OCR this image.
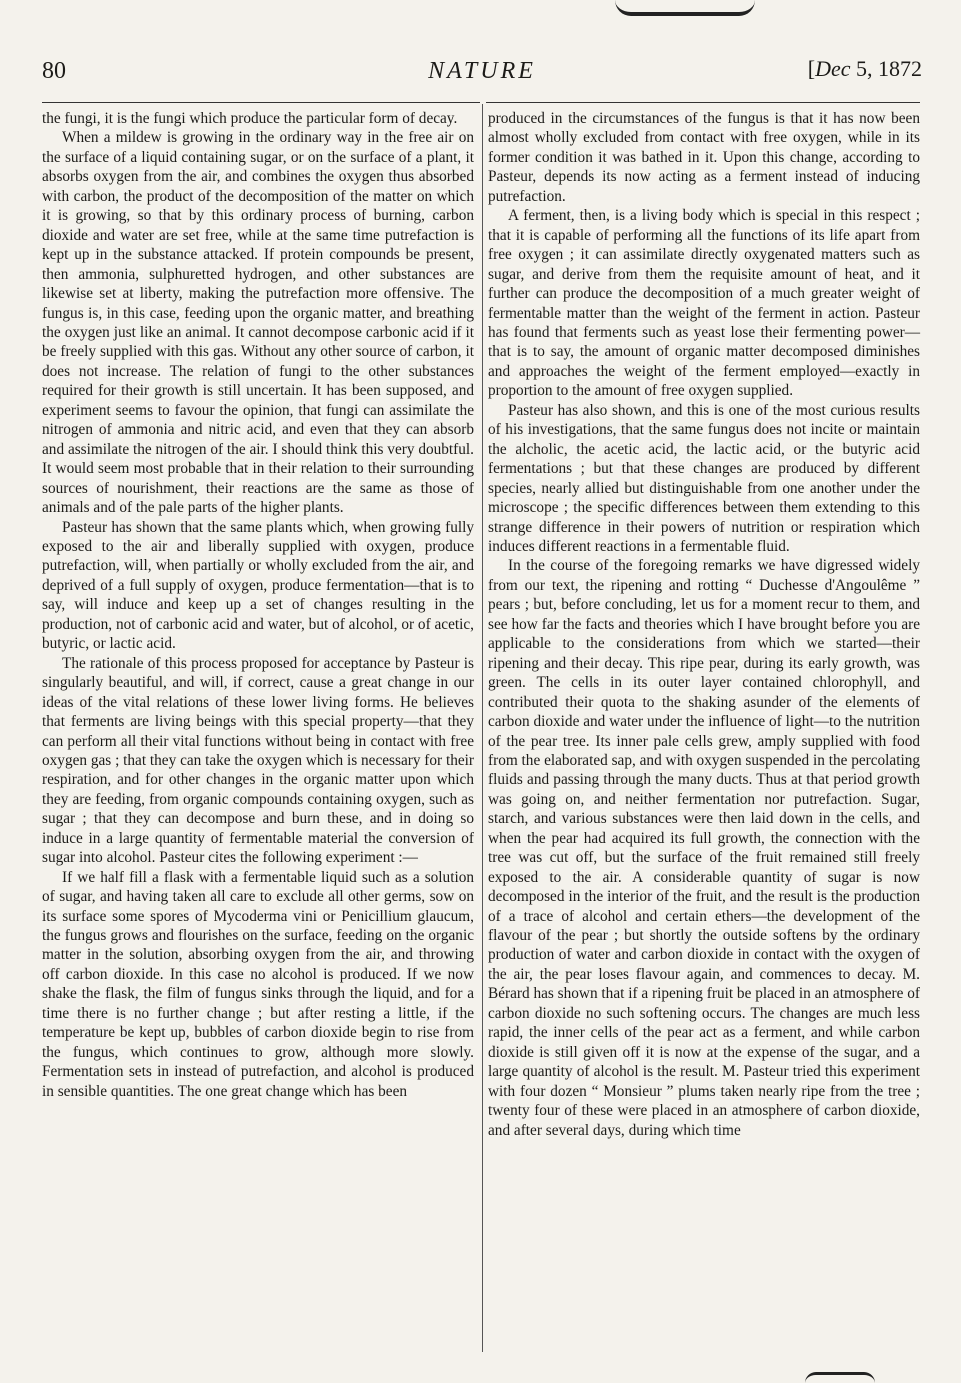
80	NATURE	[Dec 5, 1872

the fungi, it is the fungi which produce the particular form of decay.

When a mildew is growing in the ordinary way in the free air on the surface of a liquid containing sugar, or on the surface of a plant, it absorbs oxygen from the air, and combines the oxygen thus absorbed with carbon, the product of the decomposition of the matter on which it is growing, so that by this ordinary process of burning, carbon dioxide and water are set free, while at the same time putrefaction is kept up in the substance attacked. If protein compounds be present, then ammonia, sulphuretted hydrogen, and other substances are likewise set at liberty, making the putrefaction more offensive. The fungus is, in this case, feeding upon the organic matter, and breathing the oxygen just like an animal. It cannot decompose carbonic acid if it be freely supplied with this gas. Without any other source of carbon, it does not increase. The relation of fungi to the other substances required for their growth is still uncertain. It has been supposed, and experiment seems to favour the opinion, that fungi can assimilate the nitrogen of ammonia and nitric acid, and even that they can absorb and assimilate the nitrogen of the air. I should think this very doubtful. It would seem most probable that in their relation to their surrounding sources of nourishment, their reactions are the same as those of animals and of the pale parts of the higher plants.

Pasteur has shown that the same plants which, when growing fully exposed to the air and liberally supplied with oxygen, produce putrefaction, will, when partially or wholly excluded from the air, and deprived of a full supply of oxygen, produce fermentation—that is to say, will induce and keep up a set of changes resulting in the production, not of carbonic acid and water, but of alcohol, or of acetic, butyric, or lactic acid.

The rationale of this process proposed for acceptance by Pasteur is singularly beautiful, and will, if correct, cause a great change in our ideas of the vital relations of these lower living forms. He believes that ferments are living beings with this special property—that they can perform all their vital functions without being in contact with free oxygen gas ; that they can take the oxygen which is necessary for their respiration, and for other changes in the organic matter upon which they are feeding, from organic compounds containing oxygen, such as sugar ; that they can decompose and burn these, and in doing so induce in a large quantity of fermentable material the conversion of sugar into alcohol. Pasteur cites the following experiment :—

If we half fill a flask with a fermentable liquid such as a solution of sugar, and having taken all care to exclude all other germs, sow on its surface some spores of Mycoderma vini or Penicillium glaucum, the fungus grows and flourishes on the surface, feeding on the organic matter in the solution, absorbing oxygen from the air, and throwing off carbon dioxide. In this case no alcohol is produced. If we now shake the flask, the film of fungus sinks through the liquid, and for a time there is no further change ; but after resting a little, if the temperature be kept up, bubbles of carbon dioxide begin to rise from the fungus, which continues to grow, although more slowly. Fermentation sets in instead of putrefaction, and alcohol is produced in sensible quantities. The one great change which has been

produced in the circumstances of the fungus is that it has now been almost wholly excluded from contact with free oxygen, while in its former condition it was bathed in it. Upon this change, according to Pasteur, depends its now acting as a ferment instead of inducing putrefaction.

A ferment, then, is a living body which is special in this respect ; that it is capable of performing all the functions of its life apart from free oxygen ; it can assimilate directly oxygenated matters such as sugar, and derive from them the requisite amount of heat, and it further can produce the decomposition of a much greater weight of fermentable matter than the weight of the ferment in action. Pasteur has found that ferments such as yeast lose their fermenting power— that is to say, the amount of organic matter decomposed diminishes and approaches the weight of the ferment employed—exactly in proportion to the amount of free oxygen supplied.

Pasteur has also shown, and this is one of the most curious results of his investigations, that the same fungus does not incite or maintain the alcholic, the acetic acid, the lactic acid, or the butyric acid fermentations ; but that these changes are produced by different species, nearly allied but distinguishable from one another under the microscope ; the specific differences between them extending to this strange difference in their powers of nutrition or respiration which induces different reactions in a fermentable fluid.

In the course of the foregoing remarks we have digressed widely from our text, the ripening and rotting “ Duchesse d'Angoulême ” pears ; but, before concluding, let us for a moment recur to them, and see how far the facts and theories which I have brought before you are applicable to the considerations from which we started—their ripening and their decay. This ripe pear, during its early growth, was green. The cells in its outer layer contained chlorophyll, and contributed their quota to the shaking asunder of the elements of carbon dioxide and water under the influence of light—to the nutrition of the pear tree. Its inner pale cells grew, amply supplied with food from the elaborated sap, and with oxygen suspended in the percolating fluids and passing through the many ducts. Thus at that period growth was going on, and neither fermentation nor putrefaction. Sugar, starch, and various substances were then laid down in the cells, and when the pear had acquired its full growth, the connection with the tree was cut off, but the surface of the fruit remained still freely exposed to the air. A considerable quantity of sugar is now decomposed in the interior of the fruit, and the result is the production of a trace of alcohol and certain ethers—the development of the flavour of the pear ; but shortly the outside softens by the ordinary production of water and carbon dioxide in contact with the oxygen of the air, the pear loses flavour again, and commences to decay. M. Bérard has shown that if a ripening fruit be placed in an atmosphere of carbon dioxide no such softening occurs. The changes are much less rapid, the inner cells of the pear act as a ferment, and while carbon dioxide is still given off it is now at the expense of the sugar, and a large quantity of alcohol is the result. M. Pasteur tried this experiment with four dozen “ Monsieur ” plums taken nearly ripe from the tree ; twenty four of these were placed in an atmosphere of carbon dioxide, and after several days, during which time
